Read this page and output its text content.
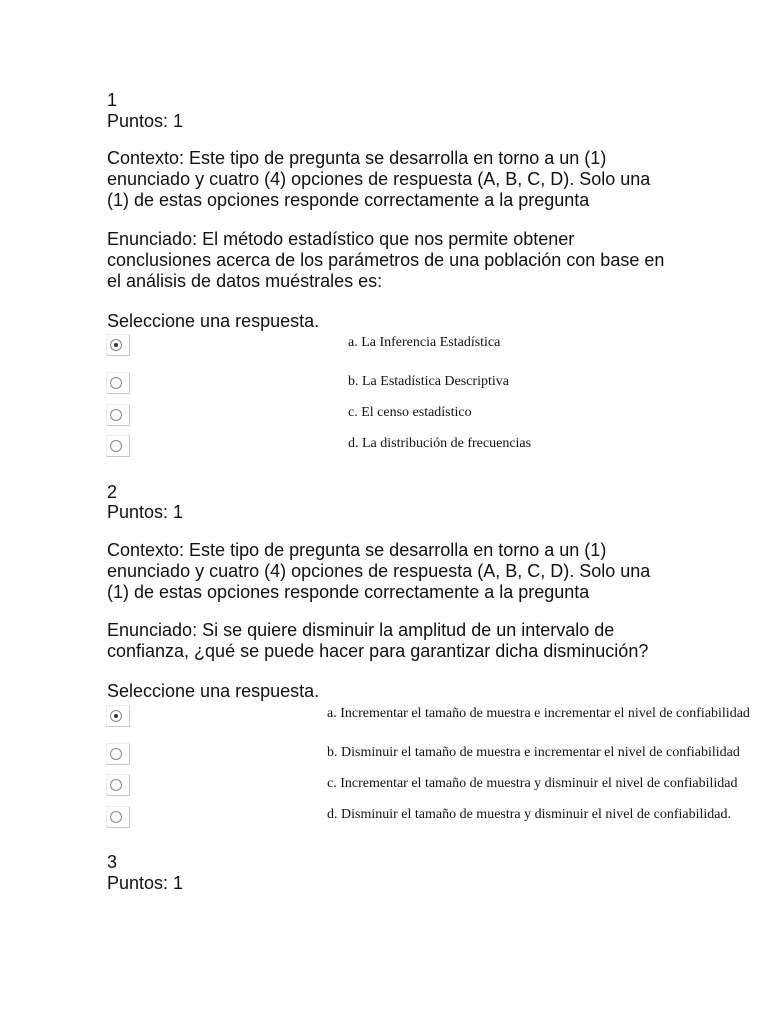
1
Puntos: 1

Contexto: Este tipo de pregunta se desarrolla en torno a un (1) enunciado y cuatro (4) opciones de respuesta (A, B, C, D). Solo una (1) de estas opciones responde correctamente a la pregunta

Enunciado: El método estadístico que nos permite obtener conclusiones acerca de los parámetros de una población con base en el análisis de datos muéstrales es:

Seleccione una respuesta.
a. La Inferencia Estadística
b. La Estadística Descriptiva
c. El censo estadístico
d. La distribución de frecuencias
2
Puntos: 1

Contexto: Este tipo de pregunta se desarrolla en torno a un (1) enunciado y cuatro (4) opciones de respuesta (A, B, C, D). Solo una (1) de estas opciones responde correctamente a la pregunta

Enunciado: Si se quiere disminuir la amplitud de un intervalo de confianza, ¿qué se puede hacer para garantizar dicha disminución?

Seleccione una respuesta.
a. Incrementar el tamaño de muestra e incrementar el nivel de confiabilidad
b. Disminuir el tamaño de muestra e incrementar el nivel de confiabilidad
c. Incrementar el tamaño de muestra y disminuir el nivel de confiabilidad
d. Disminuir el tamaño de muestra y disminuir el nivel de confiabilidad.
3
Puntos: 1
